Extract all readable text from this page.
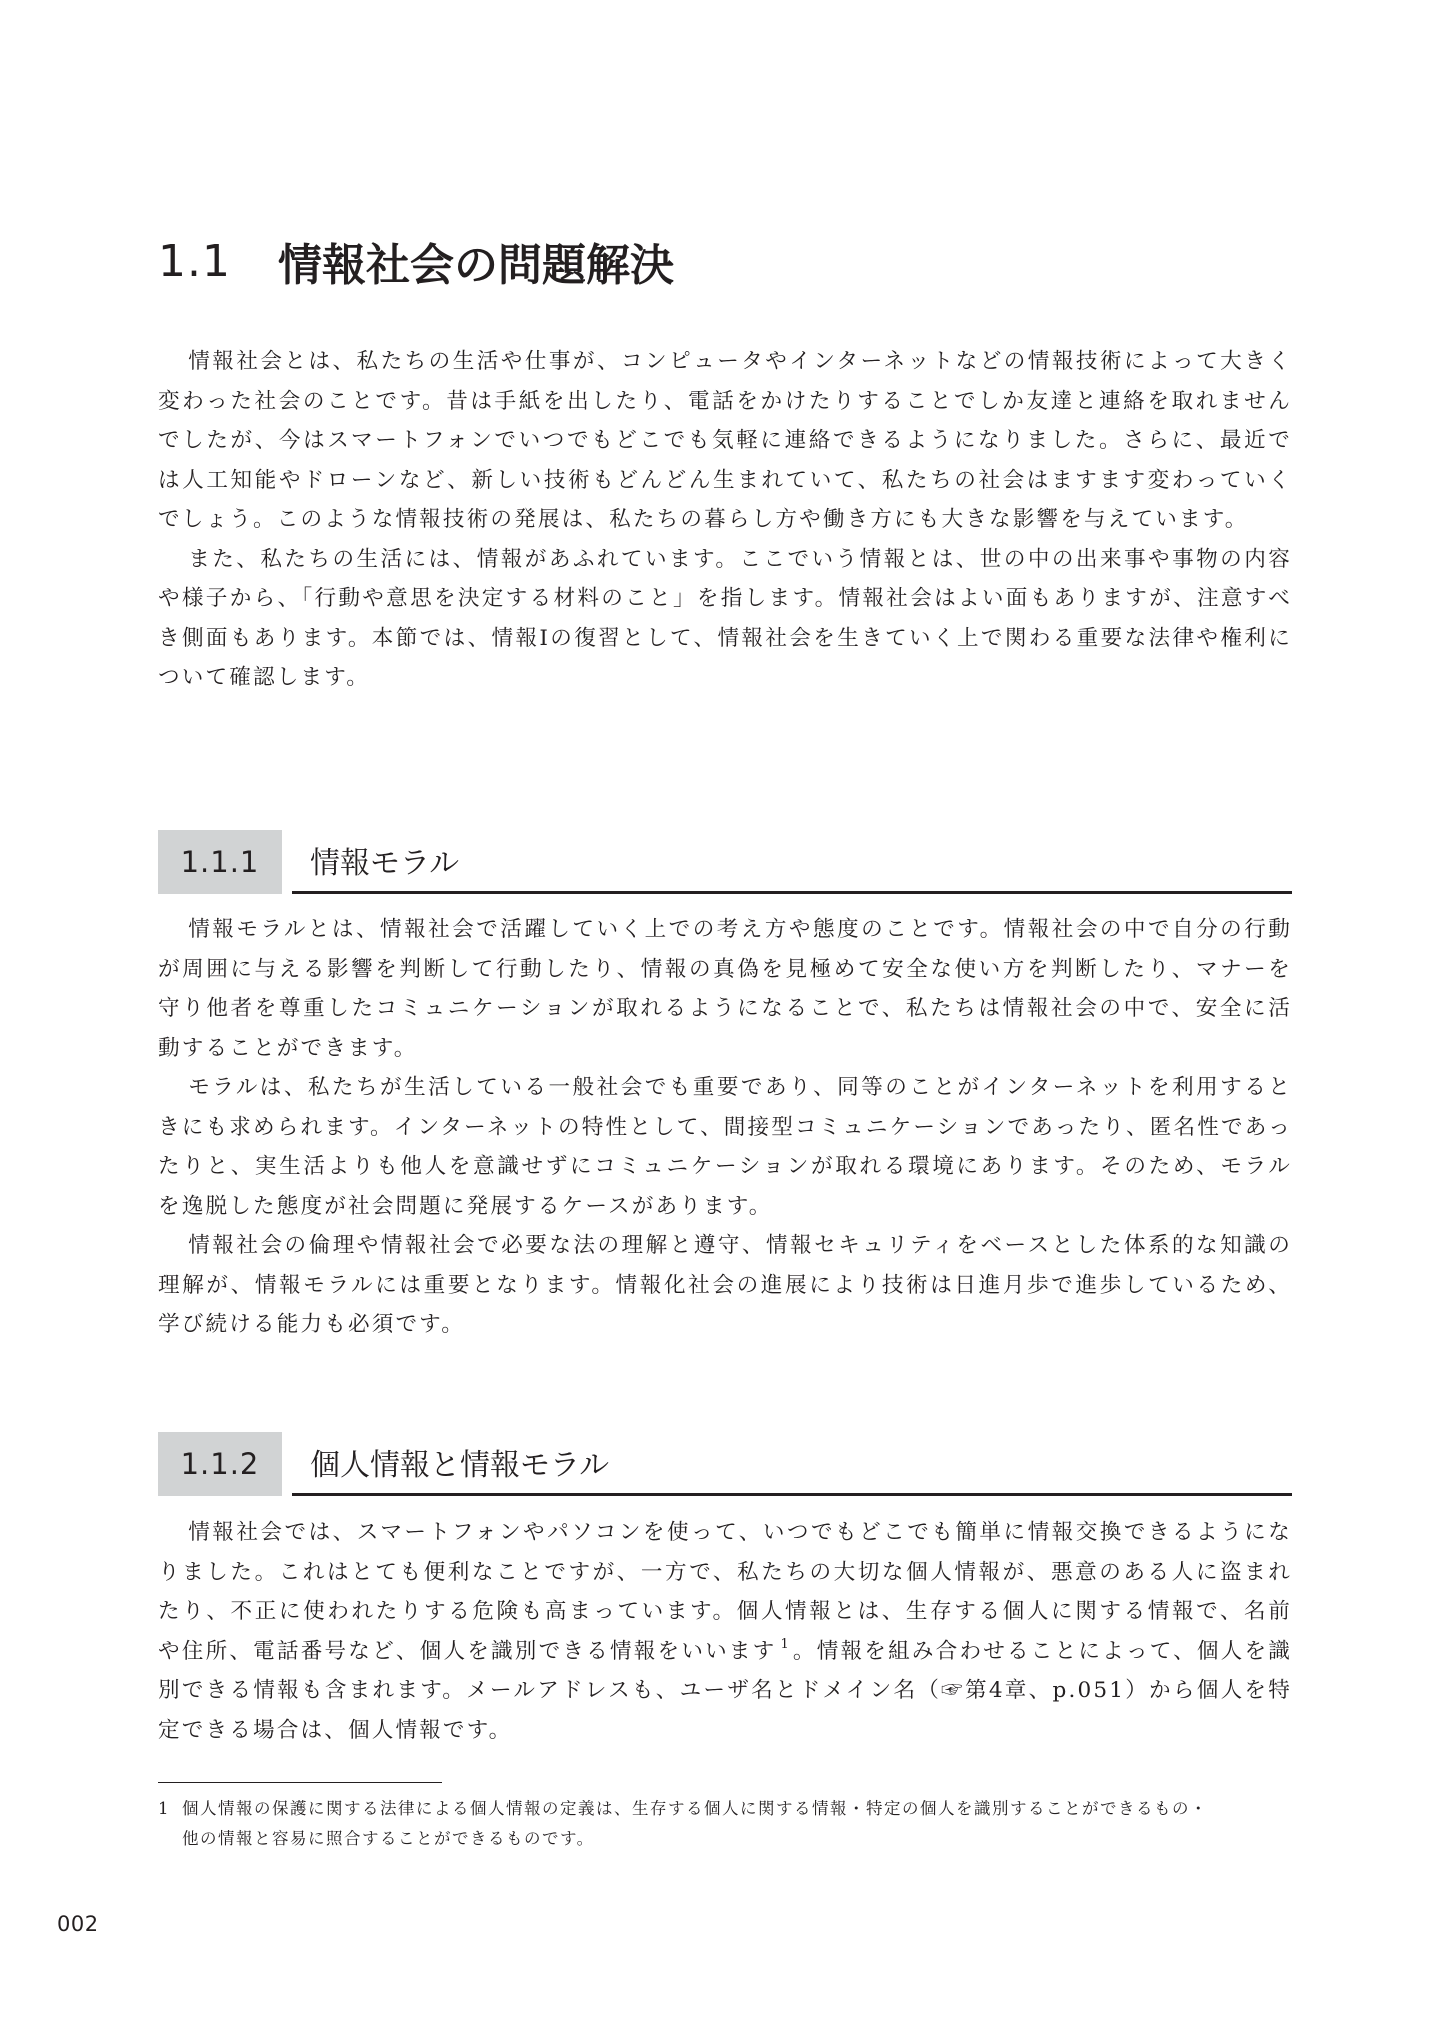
1.1	情報社会の問題解決

情報社会とは、私たちの生活や仕事が、コンピュータやインターネットなどの情報技術によって大きく変わった社会のことです。昔は手紙を出したり、電話をかけたりすることでしか友達と連絡を取れませんでしたが、今はスマートフォンでいつでもどこでも気軽に連絡できるようになりました。さらに、最近では人工知能やドローンなど、新しい技術もどんどん生まれていて、私たちの社会はますます変わっていくでしょう。このような情報技術の発展は、私たちの暮らし方や働き方にも大きな影響を与えています。

また、私たちの生活には、情報があふれています。ここでいう情報とは、世の中の出来事や事物の内容や様子から、「行動や意思を決定する材料のこと」を指します。情報社会はよい面もありますが、注意すべき側面もあります。本節では、情報Ⅰの復習として、情報社会を生きていく上で関わる重要な法律や権利について確認します。

1.1.1	情報モラル

情報モラルとは、情報社会で活躍していく上での考え方や態度のことです。情報社会の中で自分の行動が周囲に与える影響を判断して行動したり、情報の真偽を見極めて安全な使い方を判断したり、マナーを守り他者を尊重したコミュニケーションが取れるようになることで、私たちは情報社会の中で、安全に活動することができます。

モラルは、私たちが生活している一般社会でも重要であり、同等のことがインターネットを利用するときにも求められます。インターネットの特性として、間接型コミュニケーションであったり、匿名性であったりと、実生活よりも他人を意識せずにコミュニケーションが取れる環境にあります。そのため、モラルを逸脱した態度が社会問題に発展するケースがあります。

情報社会の倫理や情報社会で必要な法の理解と遵守、情報セキュリティをベースとした体系的な知識の理解が、情報モラルには重要となります。情報化社会の進展により技術は日進月歩で進歩しているため、学び続ける能力も必須です。

1.1.2	個人情報と情報モラル

情報社会では、スマートフォンやパソコンを使って、いつでもどこでも簡単に情報交換できるようになりました。これはとても便利なことですが、一方で、私たちの大切な個人情報が、悪意のある人に盗まれたり、不正に使われたりする危険も高まっています。個人情報とは、生存する個人に関する情報で、名前や住所、電話番号など、個人を識別できる情報をいいます $^1$。情報を組み合わせることによって、個人を識別できる情報も含まれます。メールアドレスも、ユーザ名とドメイン名（☞第4章、p.051）から個人を特定できる場合は、個人情報です。

1 個人情報の保護に関する法律による個人情報の定義は、生存する個人に関する情報・特定の個人を識別することができるもの・
他の情報と容易に照合することができるものです。
002
